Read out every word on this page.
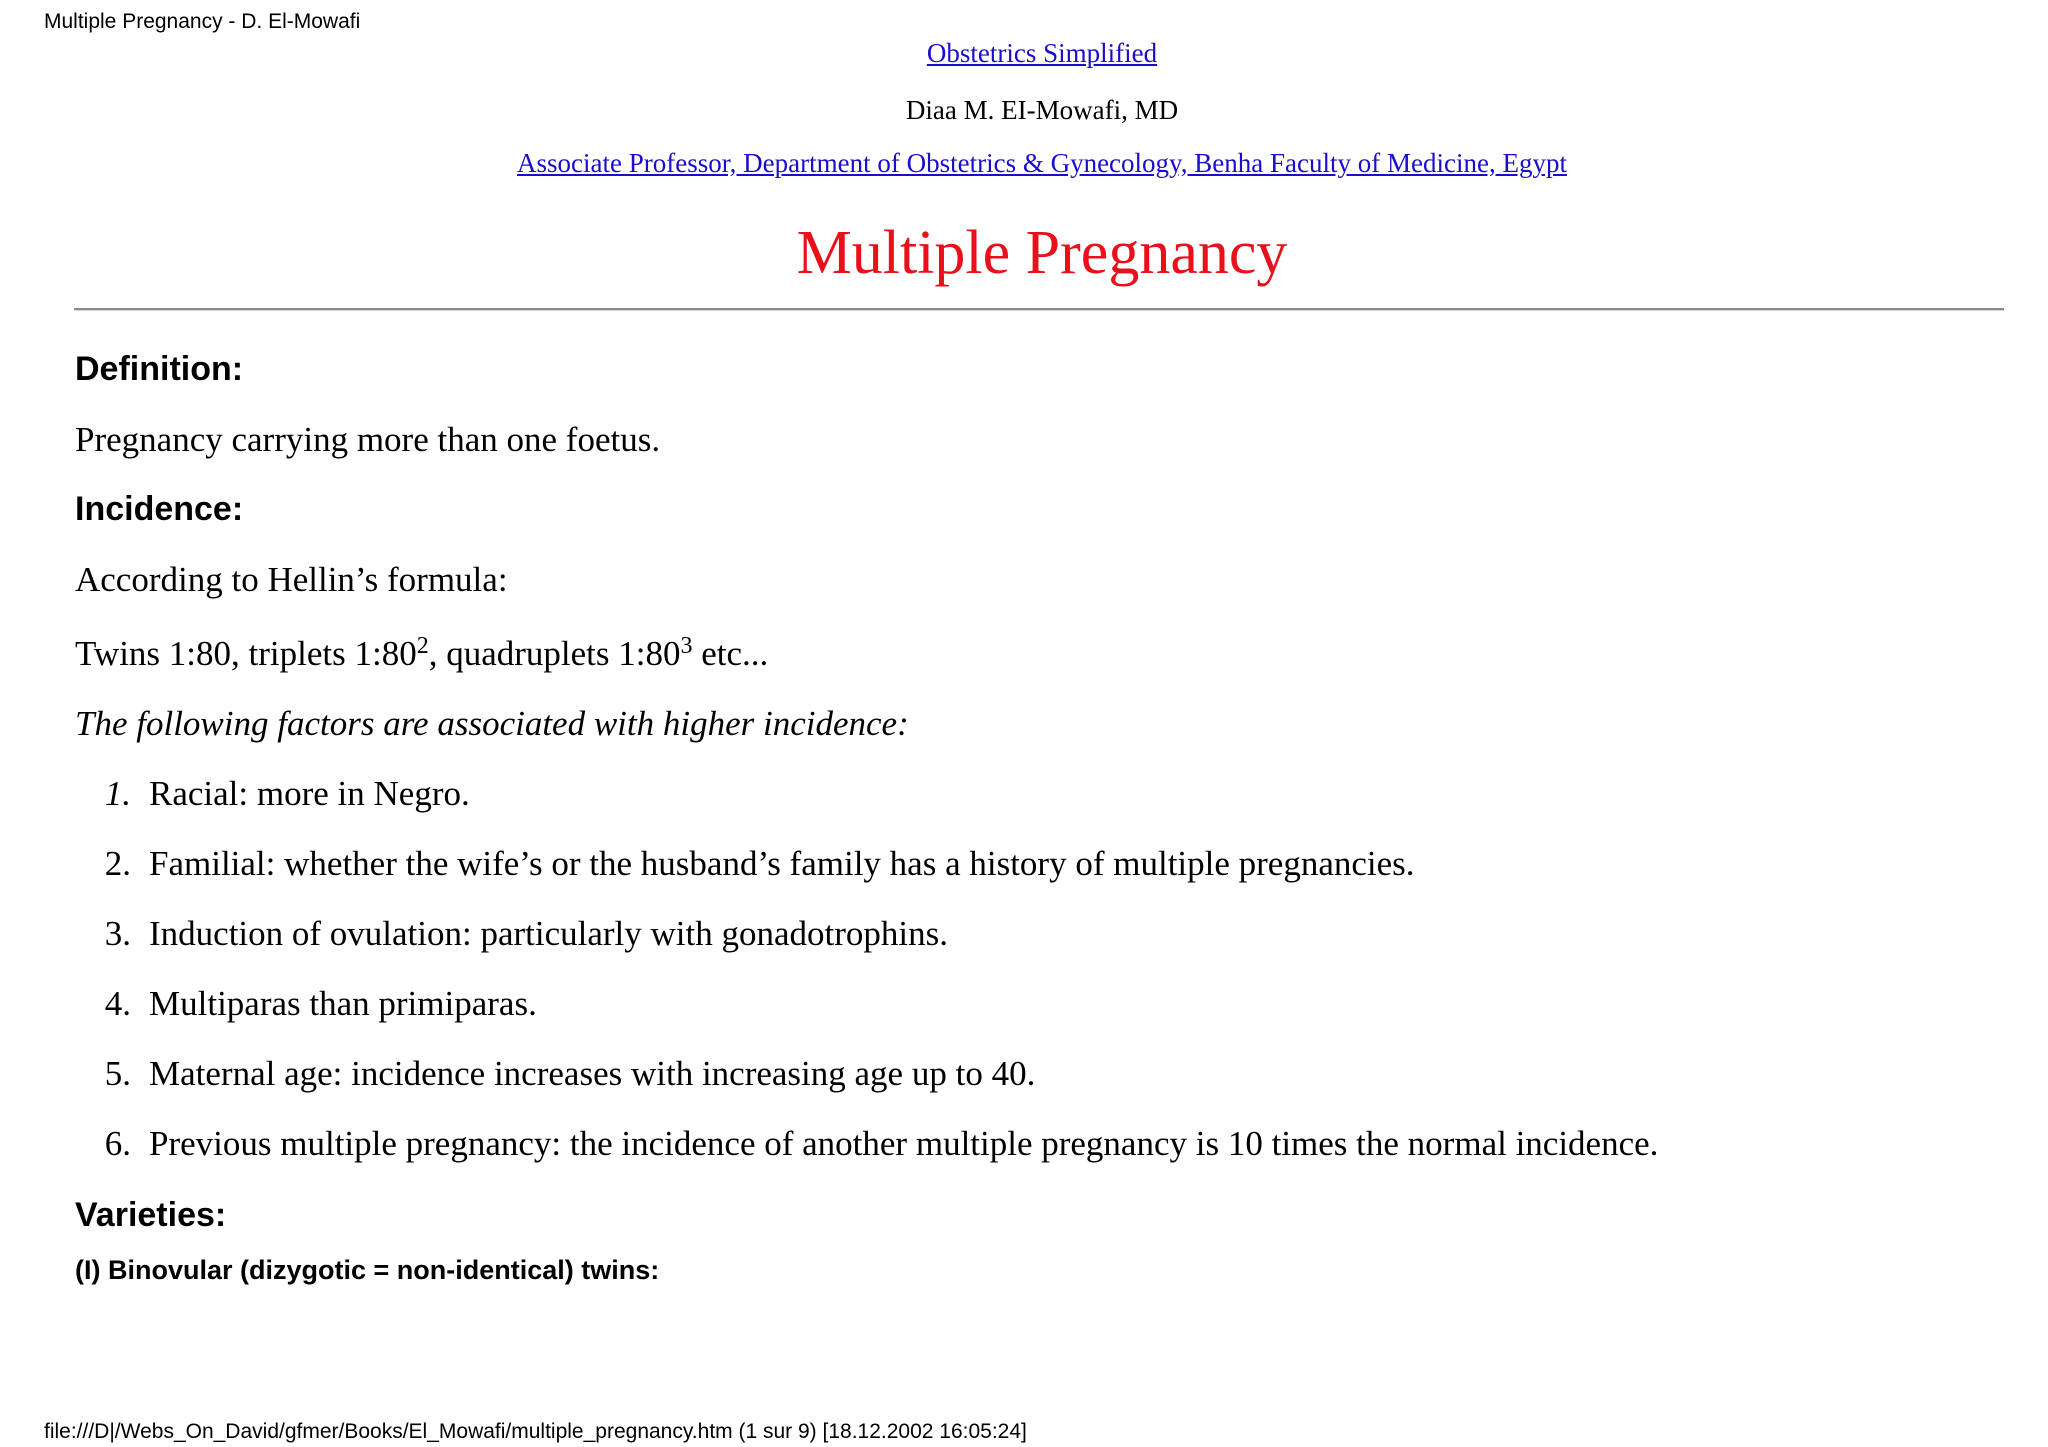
Multiple Pregnancy - D. El-Mowafi
Obstetrics Simplified
Diaa M. EI-Mowafi, MD
Associate Professor, Department of Obstetrics & Gynecology, Benha Faculty of Medicine, Egypt
Multiple Pregnancy
Definition:

Pregnancy carrying more than one foetus.

Incidence:

According to Hellin’s formula:

Twins 1:80, triplets $1:80^2$, quadruplets $1:80^3$ etc...

The following factors are associated with higher incidence:

1. Racial: more in Negro.
2. Familial: whether the wife’s or the husband’s family has a history of multiple pregnancies.
3. Induction of ovulation: particularly with gonadotrophins.
4. Multiparas than primiparas.
5. Maternal age: incidence increases with increasing age up to 40.
6. Previous multiple pregnancy: the incidence of another multiple pregnancy is 10 times the normal incidence.
Varieties:
(I) Binovular (dizygotic = non-identical) twins:
file:///D|/Webs_On_David/gfmer/Books/El_Mowafi/multiple_pregnancy.htm (1 sur 9) [18.12.2002 16:05:24]
